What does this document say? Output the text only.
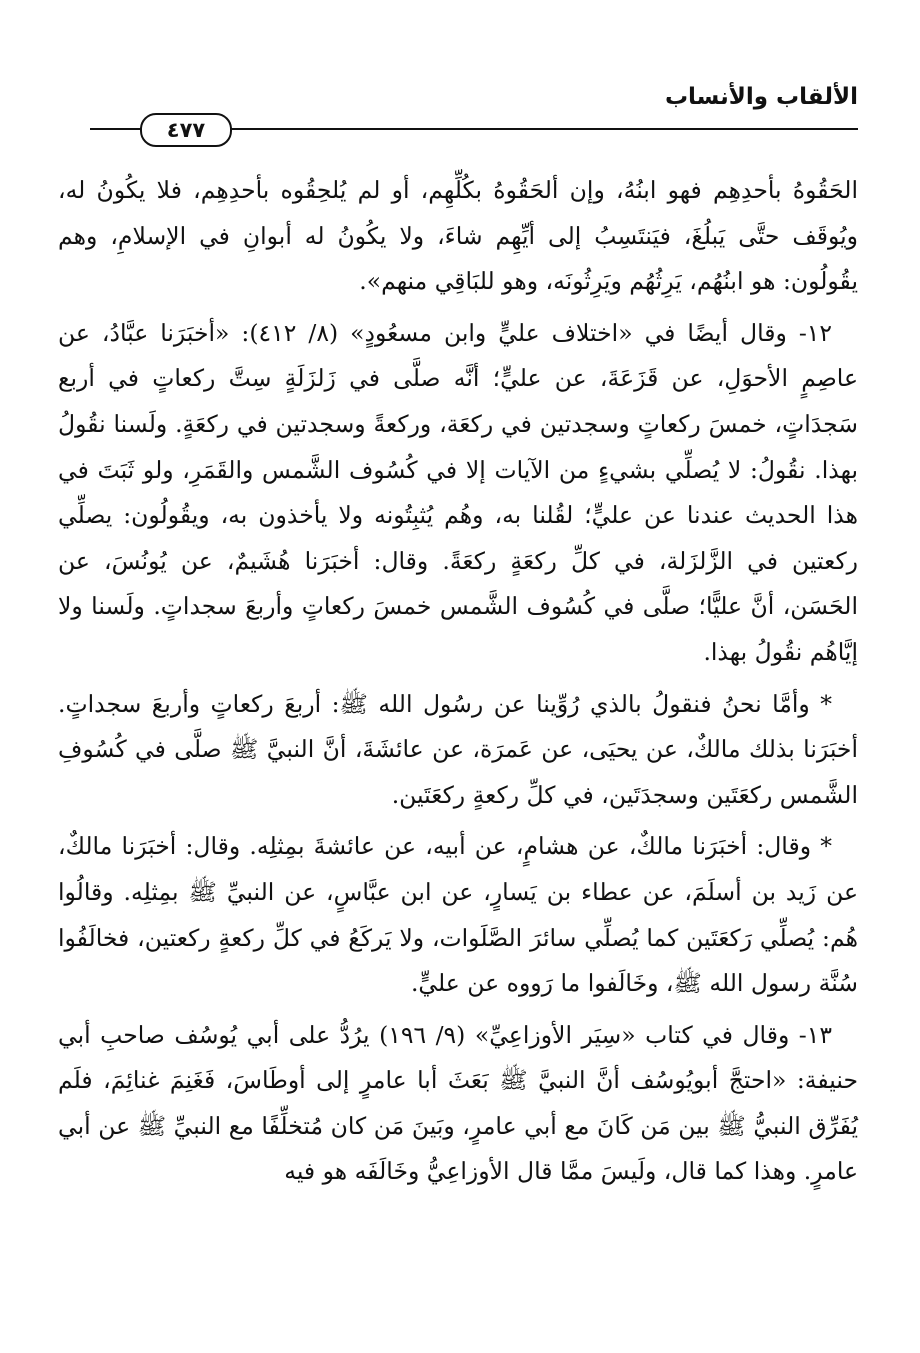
الألقاب والأنساب
٤٧٧

الحَقُوهُ بأحدِهِم فهو ابنُهُ، وإن ألحَقُوهُ بكُلِّهِم، أو لم يُلحِقُوه بأحدِهِم، فلا يكُونُ له، ويُوقَف حتَّى يَبلُغَ، فيَنتَسِبُ إلى أيِّهِم شاءَ، ولا يكُونُ له أبوانِ في الإسلامِ، وهم يقُولُون: هو ابنُهُم، يَرِثُهُم ويَرِثُونَه، وهو للبَاقِي منهم».

١٢- وقال أيضًا في «اختلاف عليٍّ وابن مسعُودٍ» (٨/ ٤١٢): «أخبَرَنا عبَّادُ، عن عاصِمٍ الأحوَلِ، عن قَزَعَةَ، عن عليٍّ؛ أنَّه صلَّى في زَلزَلَةٍ سِتَّ ركعاتٍ في أربع سَجدَاتٍ، خمسَ ركعاتٍ وسجدتين في ركعَة، وركعةً وسجدتين في ركعَةٍ. ولَسنا نقُولُ بهذا. نقُولُ: لا يُصلِّي بشيءٍ من الآيات إلا في كُسُوف الشَّمس والقَمَرِ، ولو ثَبَتَ في هذا الحديث عندنا عن عليٍّ؛ لقُلنا به، وهُم يُثبِتُونه ولا يأخذون به، ويقُولُون: يصلِّي ركعتين في الزَّلزَلة، في كلِّ ركعَةٍ ركعَةً. وقال: أخبَرَنا هُشَيمٌ، عن يُونُسَ، عن الحَسَن، أنَّ عليًّا؛ صلَّى في كُسُوف الشَّمس خمسَ ركعاتٍ وأربعَ سجداتٍ. ولَسنا ولا إيَّاهُم نقُولُ بهذا.

* وأمَّا نحنُ فنقولُ بالذي رُوِّينا عن رسُول الله ﷺ: أربعَ ركعاتٍ وأربعَ سجداتٍ. أخبَرَنا بذلك مالكٌ، عن يحيَى، عن عَمرَة، عن عائشَةَ، أنَّ النبيَّ ﷺ صلَّى في كُسُوفِ الشَّمس ركعَتَين وسجدَتَين، في كلِّ ركعةٍ ركعَتَين.

* وقال: أخبَرَنا مالكٌ، عن هشامٍ، عن أبيه، عن عائشةَ بمِثلِه. وقال: أخبَرَنا مالكٌ، عن زَيد بن أسلَمَ، عن عطاء بن يَسارٍ، عن ابن عبَّاسٍ، عن النبيِّ ﷺ بمِثلِه. وقالُوا هُم: يُصلِّي رَكعَتَين كما يُصلِّي سائرَ الصَّلَوات، ولا يَركَعُ في كلِّ ركعةٍ ركعتين، فخالَفُوا سُنَّة رسول الله ﷺ، وخَالَفوا ما رَووه عن عليٍّ.

١٣- وقال في كتاب «سِيَر الأوزاعِيِّ» (٩/ ١٩٦) يرُدُّ على أبي يُوسُف صاحبِ أبي حنيفة: «احتجَّ أبويُوسُف أنَّ النبيَّ ﷺ بَعَثَ أبا عامرٍ إلى أوطَاسَ، فَغَنِمَ غنائِمَ، فلَم يُفَرِّق النبيُّ ﷺ بين مَن كَانَ مع أبي عامرٍ، وبَينَ مَن كان مُتخلِّفًا مع النبيِّ ﷺ عن أبي عامرٍ. وهذا كما قال، ولَيسَ ممَّا قال الأوزاعِيُّ وخَالَفَه هو فيه
